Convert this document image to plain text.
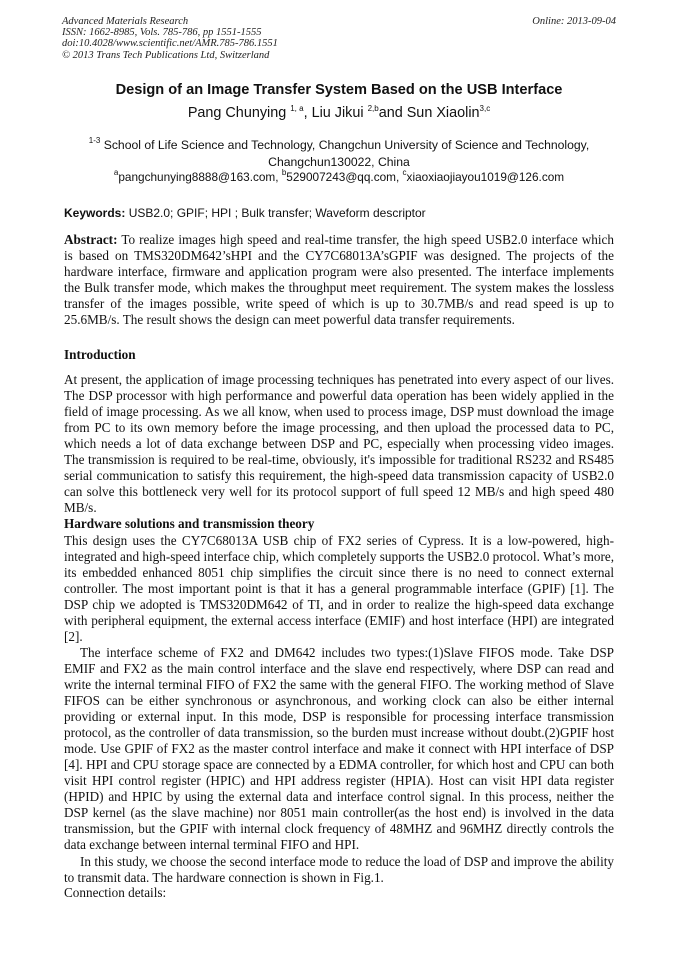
Advanced Materials Research
ISSN: 1662-8985, Vols. 785-786, pp 1551-1555
doi:10.4028/www.scientific.net/AMR.785-786.1551
© 2013 Trans Tech Publications Ltd, Switzerland
Online: 2013-09-04
Design of an Image Transfer System Based on the USB Interface
Pang Chunying $^{1, a}$, Liu Jikui $^{2,b}$and Sun Xiaolin$^{3,c}$
$^{1-3}$ School of Life Science and Technology, Changchun University of Science and Technology, Changchun130022, China
$^a$pangchunying8888@163.com, $^b$529007243@qq.com, $^c$xiaoxiaojiayou1019@126.com
Keywords: USB2.0; GPIF; HPI ; Bulk transfer; Waveform descriptor
Abstract: To realize images high speed and real-time transfer, the high speed USB2.0 interface which is based on TMS320DM642’sHPI and the CY7C68013A’sGPIF was designed. The projects of the hardware interface, firmware and application program were also presented. The interface implements the Bulk transfer mode, which makes the throughput meet requirement. The system makes the lossless transfer of the images possible, write speed of which is up to 30.7MB/s and read speed is up to 25.6MB/s. The result shows the design can meet powerful data transfer requirements.
Introduction
At present, the application of image processing techniques has penetrated into every aspect of our lives. The DSP processor with high performance and powerful data operation has been widely applied in the field of image processing. As we all know, when used to process image, DSP must download the image from PC to its own memory before the image processing, and then upload the processed data to PC, which needs a lot of data exchange between DSP and PC, especially when processing video images. The transmission is required to be real-time, obviously, it's impossible for traditional RS232 and RS485 serial communication to satisfy this requirement, the high-speed data transmission capacity of USB2.0 can solve this bottleneck very well for its protocol support of full speed 12 MB/s and high speed 480 MB/s.
Hardware solutions and transmission theory
This design uses the CY7C68013A USB chip of FX2 series of Cypress. It is a low-powered, high-integrated and high-speed interface chip, which completely supports the USB2.0 protocol. What’s more, its embedded enhanced 8051 chip simplifies the circuit since there is no need to connect external controller. The most important point is that it has a general programmable interface (GPIF) [1]. The DSP chip we adopted is TMS320DM642 of TI, and in order to realize the high-speed data exchange with peripheral equipment, the external access interface (EMIF) and host interface (HPI) are integrated [2].
The interface scheme of FX2 and DM642 includes two types:(1)Slave FIFOS mode. Take DSP EMIF and FX2 as the main control interface and the slave end respectively, where DSP can read and write the internal terminal FIFO of FX2 the same with the general FIFO. The working method of Slave FIFOS can be either synchronous or asynchronous, and working clock can also be either internal providing or external input. In this mode, DSP is responsible for processing interface transmission protocol, as the controller of data transmission, so the burden must increase without doubt.(2)GPIF host mode. Use GPIF of FX2 as the master control interface and make it connect with HPI interface of DSP [4]. HPI and CPU storage space are connected by a EDMA controller, for which host and CPU can both visit HPI control register (HPIC) and HPI address register (HPIA). Host can visit HPI data register (HPID) and HPIC by using the external data and interface control signal. In this process, neither the DSP kernel (as the slave machine) nor 8051 main controller(as the host end) is involved in the data transmission, but the GPIF with internal clock frequency of 48MHZ and 96MHZ directly controls the data exchange between internal terminal FIFO and HPI.
In this study, we choose the second interface mode to reduce the load of DSP and improve the ability to transmit data. The hardware connection is shown in Fig.1.
Connection details:
